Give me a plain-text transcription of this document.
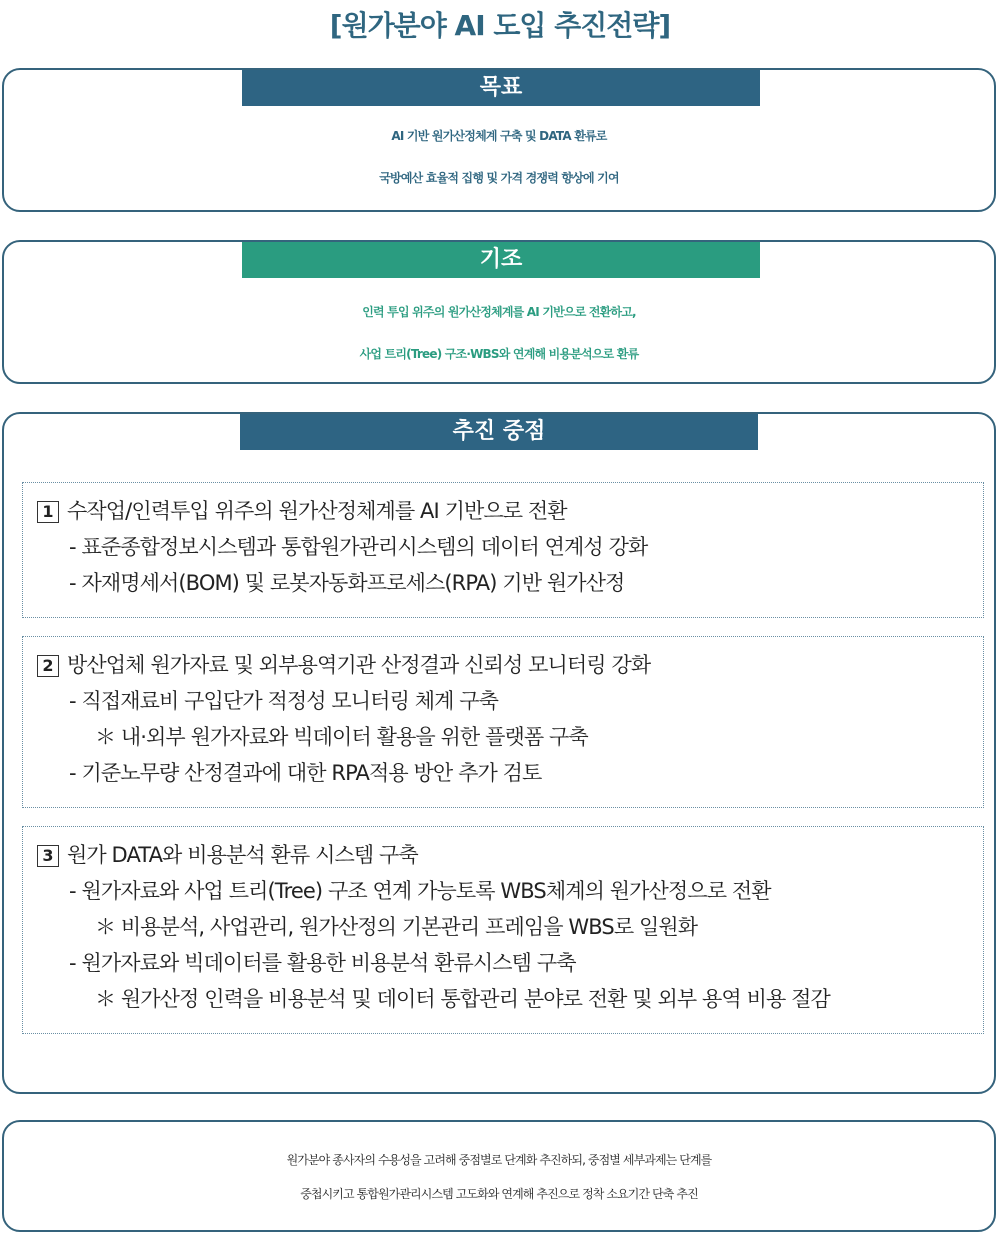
[원가분야 AI 도입 추진전략]
목표
AI 기반 원가산정체계 구축 및 DATA 환류로
국방예산 효율적 집행 및 가격 경쟁력 향상에 기여
기조
인력 투입 위주의 원가산정체계를 AI 기반으로 전환하고,
사업 트리(Tree) 구조·WBS와 연계해 비용분석으로 환류
추진 중점
1 수작업/인력투입 위주의 원가산정체계를 AI 기반으로 전환
- 표준종합정보시스템과 통합원가관리시스템의 데이터 연계성 강화
- 자재명세서(BOM) 및 로봇자동화프로세스(RPA) 기반 원가산정
2 방산업체 원가자료 및 외부용역기관 산정결과 신뢰성 모니터링 강화
- 직접재료비 구입단가 적정성 모니터링 체계 구축
＊ 내·외부 원가자료와 빅데이터 활용을 위한 플랫폼 구축
- 기준노무량 산정결과에 대한 RPA적용 방안 추가 검토
3 원가 DATA와 비용분석 환류 시스템 구축
- 원가자료와 사업 트리(Tree) 구조 연계 가능토록 WBS체계의 원가산정으로 전환
＊ 비용분석, 사업관리, 원가산정의 기본관리 프레임을 WBS로 일원화
- 원가자료와 빅데이터를 활용한 비용분석 환류시스템 구축
＊ 원가산정 인력을 비용분석 및 데이터 통합관리 분야로 전환 및 외부 용역 비용 절감
원가분야 종사자의 수용성을 고려해 중점별로 단계화 추진하되, 중점별 세부과제는 단계를
중첩시키고 통합원가관리시스템 고도화와 연계해 추진으로 정착 소요기간 단축 추진
